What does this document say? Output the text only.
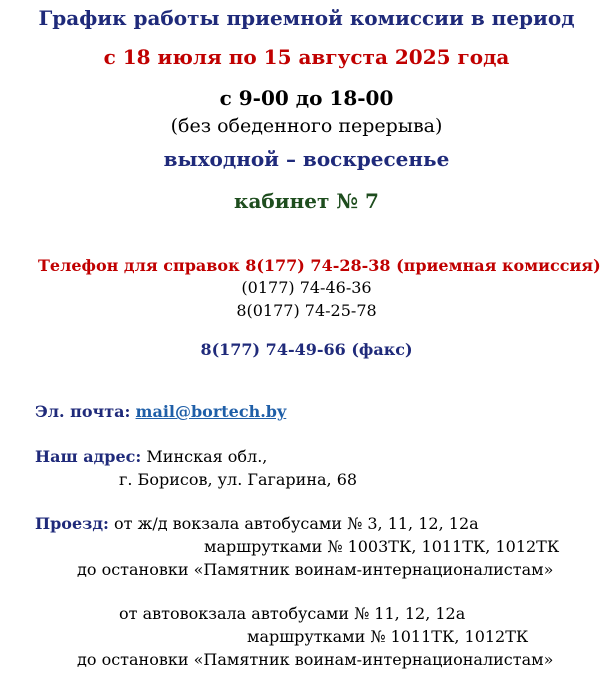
График работы приемной комиссии в период
с 18 июля по 15 августа 2025 года
с 9-00 до 18-00
(без обеденного перерыва)
выходной – воскресенье
кабинет № 7
Телефон для справок 8(177) 74-28-38 (приемная комиссия)
(0177) 74-46-36
8(0177) 74-25-78
8(177) 74-49-66 (факс)
Эл. почта: mail@bortech.by
Наш адрес: Минская обл.,
г. Борисов, ул. Гагарина, 68
Проезд: от ж/д вокзала автобусами № 3, 11, 12, 12а
маршрутками № 1003ТК, 1011ТК, 1012ТК
до остановки «Памятник воинам-интернационалистам»
от автовокзала автобусами № 11, 12, 12а
маршрутками № 1011ТК, 1012ТК
до остановки «Памятник воинам-интернационалистам»
